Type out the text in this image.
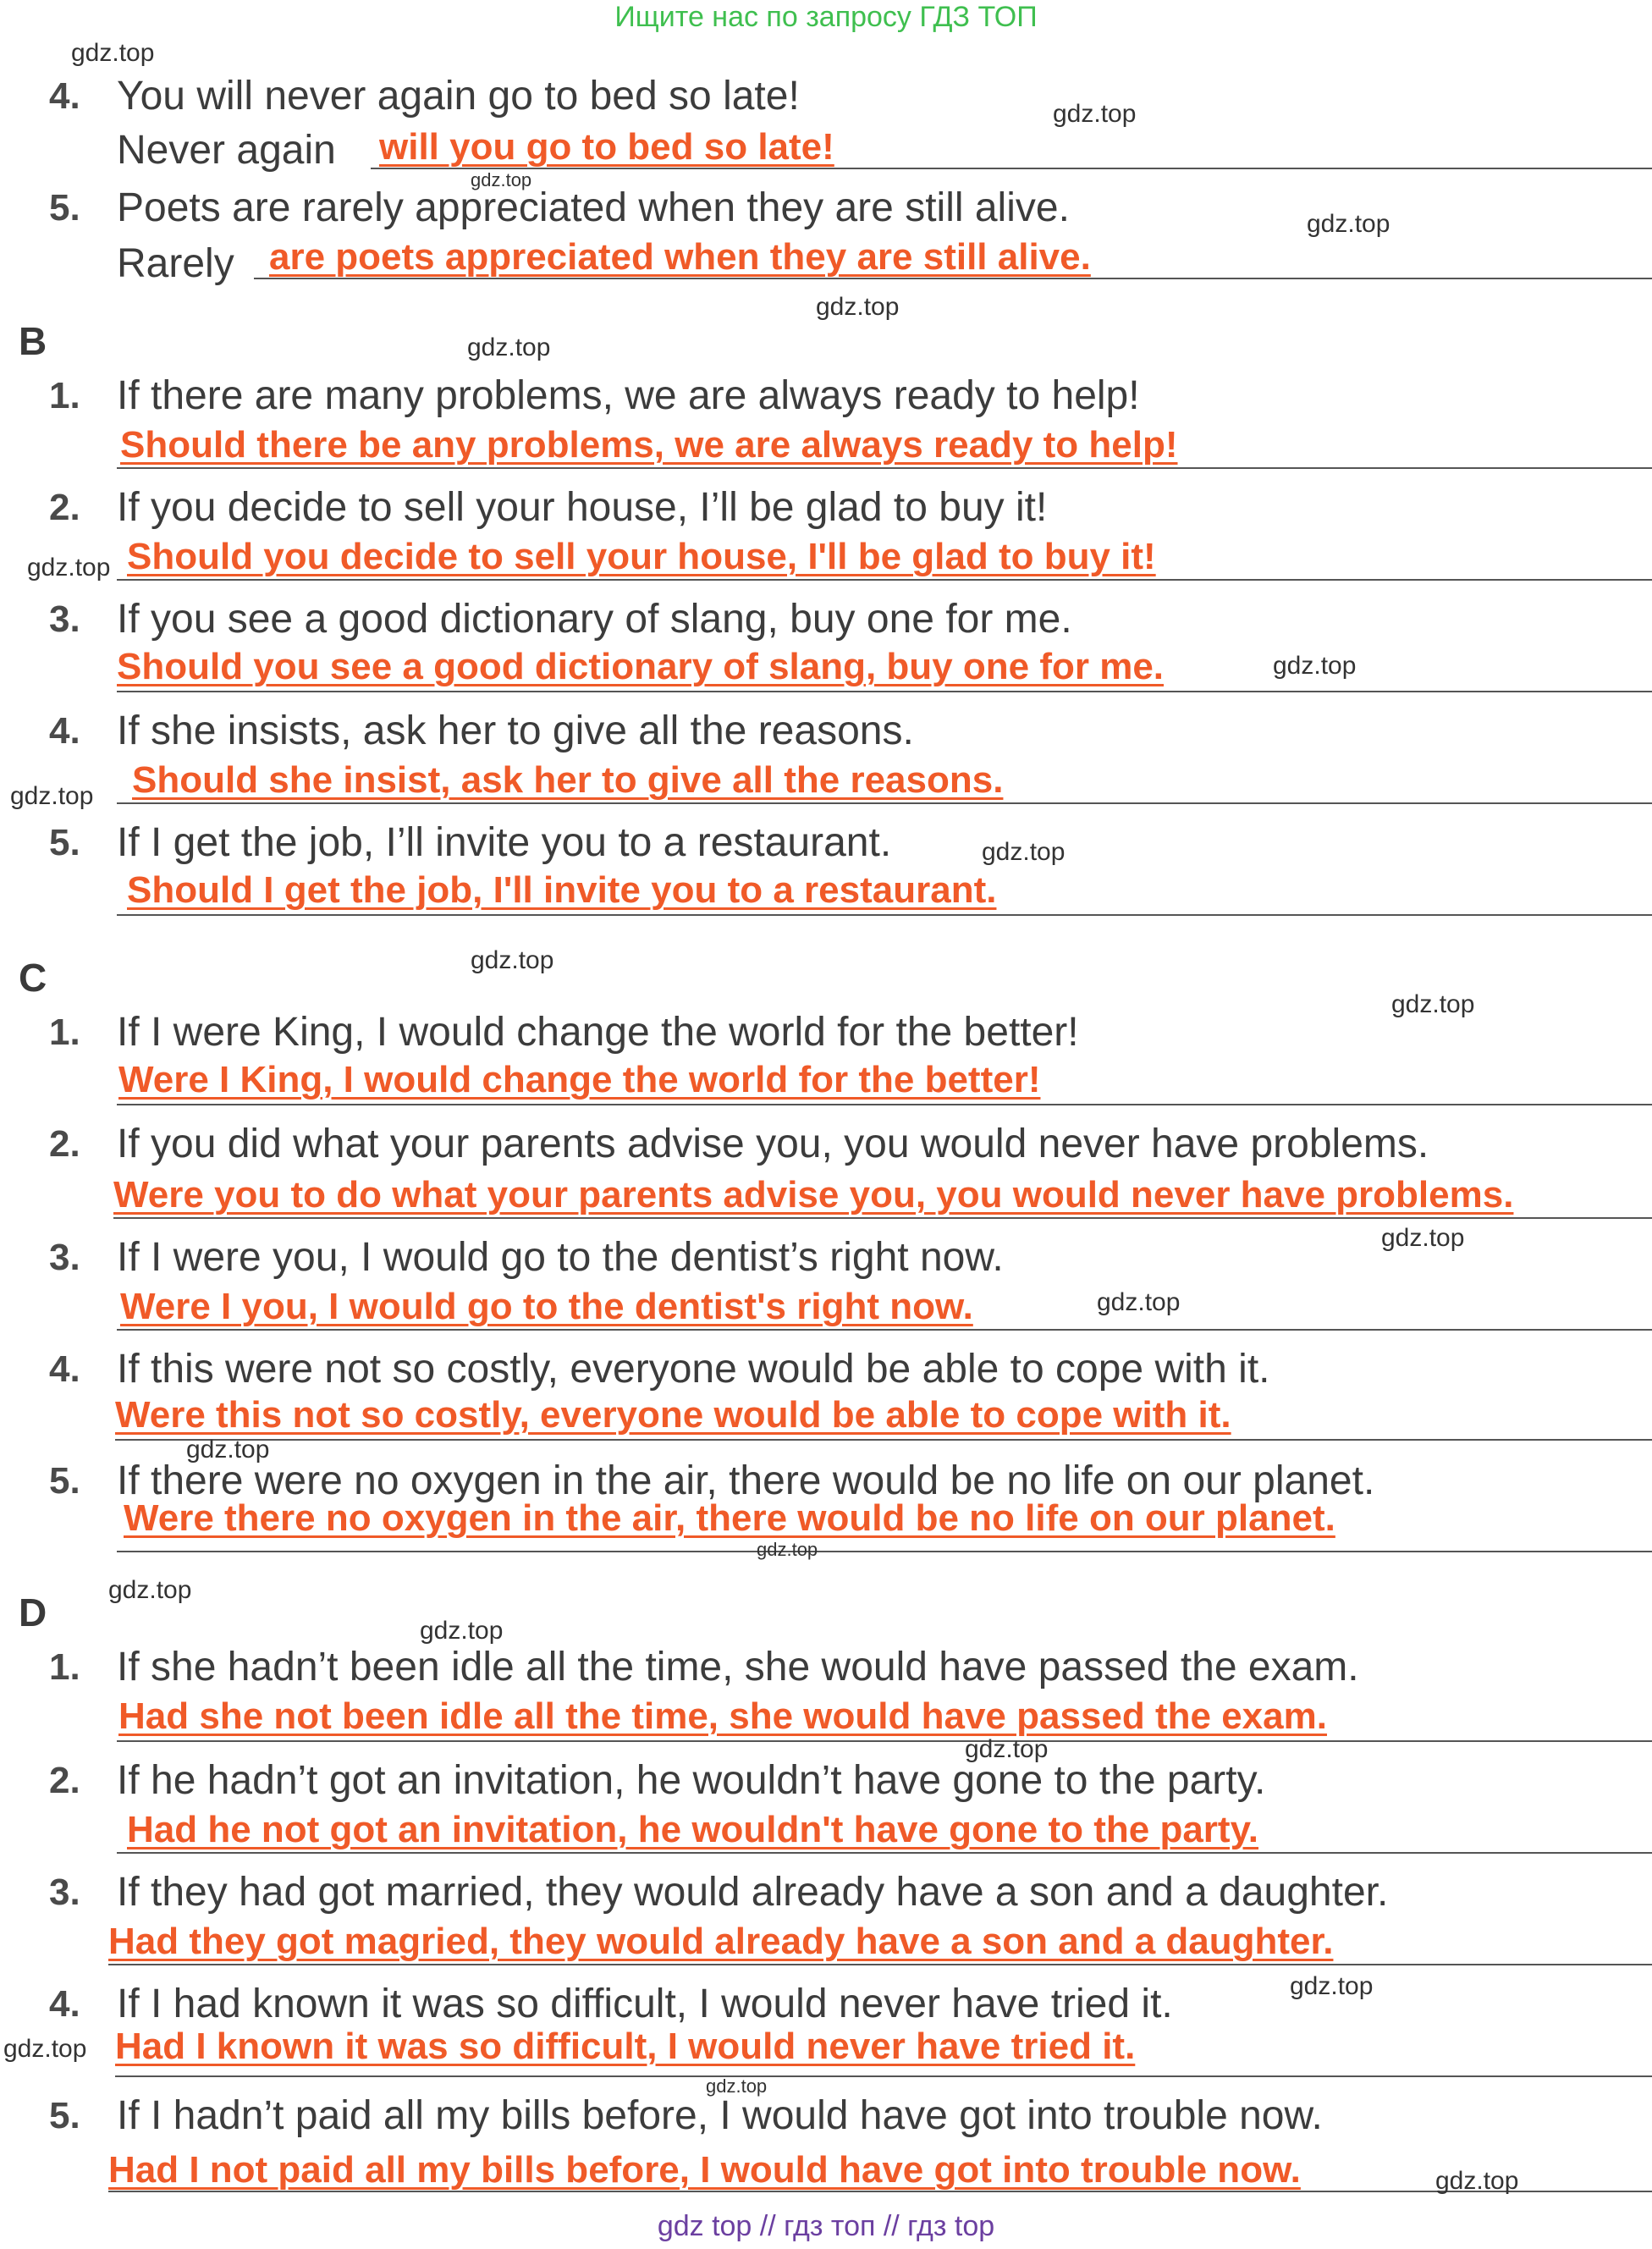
Ищите нас по запросу ГДЗ ТОП
4. You will never again go to bed so late!
Never again will you go to bed so late!
5. Poets are rarely appreciated when they are still alive.
Rarely are poets appreciated when they are still alive.
B
1. If there are many problems, we are always ready to help!
Should there be any problems, we are always ready to help!
2. If you decide to sell your house, I’ll be glad to buy it!
Should you decide to sell your house, I'll be glad to buy it!
3. If you see a good dictionary of slang, buy one for me.
Should you see a good dictionary of slang, buy one for me.
4. If she insists, ask her to give all the reasons.
Should she insist, ask her to give all the reasons.
5. If I get the job, I’ll invite you to a restaurant.
Should I get the job, I'll invite you to a restaurant.
C
1. If I were King, I would change the world for the better!
Were I King, I would change the world for the better!
2. If you did what your parents advise you, you would never have problems.
Were you to do what your parents advise you, you would never have problems.
3. If I were you, I would go to the dentist’s right now.
Were I you, I would go to the dentist's right now.
4. If this were not so costly, everyone would be able to cope with it.
Were this not so costly, everyone would be able to cope with it.
5. If there were no oxygen in the air, there would be no life on our planet.
Were there no oxygen in the air, there would be no life on our planet.
D
1. If she hadn’t been idle all the time, she would have passed the exam.
Had she not been idle all the time, she would have passed the exam.
2. If he hadn’t got an invitation, he wouldn’t have gone to the party.
Had he not got an invitation, he wouldn't have gone to the party.
3. If they had got married, they would already have a son and a daughter.
Had they got magried, they would already have a son and a daughter.
4. If I had known it was so difficult, I would never have tried it.
Had I known it was so difficult, I would never have tried it.
5. If I hadn’t paid all my bills before, I would have got into trouble now.
Had I not paid all my bills before, I would have got into trouble now.
gdz.top
gdz.top
gdz.top
gdz.top
gdz.top
gdz.top
gdz.top
gdz.top
gdz.top
gdz.top
gdz.top
gdz.top
gdz.top
gdz.top
gdz.top
gdz.top
gdz.top
gdz.top
gdz.top
gdz.top
gdz.top
gdz.top
gdz.top
gdz top // гдз топ // гдз top
